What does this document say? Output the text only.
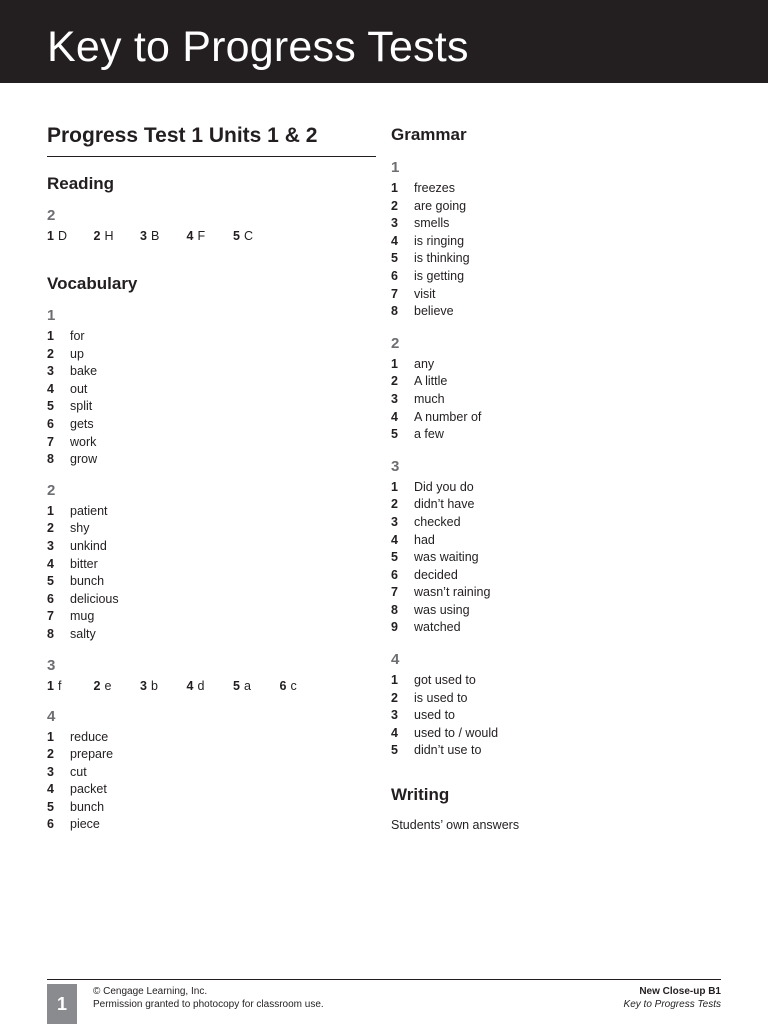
Key to Progress Tests
Progress Test 1 Units 1 & 2
Reading
2
1 D 2 H 3 B 4 F 5 C
Vocabulary
1
1 for
2 up
3 bake
4 out
5 split
6 gets
7 work
8 grow
2
1 patient
2 shy
3 unkind
4 bitter
5 bunch
6 delicious
7 mug
8 salty
3
1 f	2 e 3 b 4 d 5 a 6 c
4
1 reduce
2 prepare
3 cut
4 packet
5 bunch
6 piece
Grammar
1
1 freezes
2 are going
3 smells
4 is ringing
5 is thinking
6 is getting
7 visit
8 believe
2
1 any
2 A little
3 much
4 A number of
5 a few
3
1 Did you do
2 didn’t have
3 checked
4 had
5 was waiting
6 decided
7 wasn’t raining
8 was using
9 watched
4
1 got used to
2 is used to
3 used to
4 used to / would
5 didn’t use to
Writing
Students’ own answers
1
© Cengage Learning, Inc.
Permission granted to photocopy for classroom use.
New Close-up B1
Key to Progress Tests
